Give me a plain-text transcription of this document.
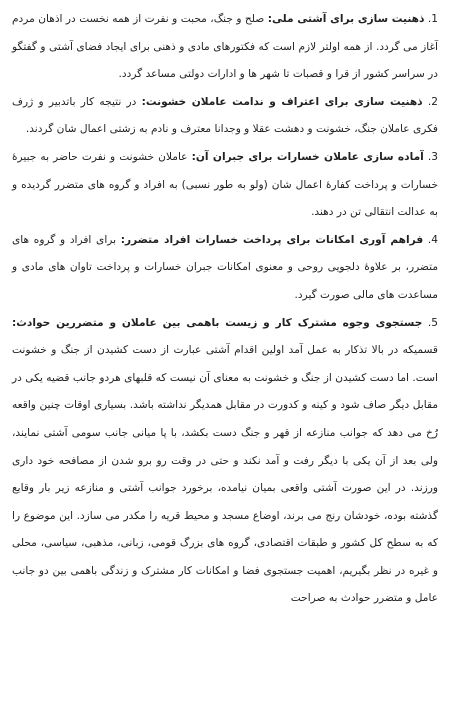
1. ذهنیت سازی برای آشتی ملی: صلح و جنگ، محبت و نفرت از همه نخست در اذهان مردم آغاز می گردد. از همه اولتر لازم است که فکتورهای مادی و ذهنی برای ایجاد فضای آشتی و گفتگو در سراسر کشور از قرا و قصبات تا شهر ها و ادارات دولتی مساعد گردد.

2. ذهنیت سازی برای اعتراف و ندامت عاملان خشونت: در نتیجه کار باتدبیر و ژرف فکری عاملان جنگ، خشونت و دهشت عقلا و وجدانا معترف و نادم به زشتی اعمال شان گردند.

3. آماده سازی عاملان خسارات برای جبران آن: عاملان خشونت و نفرت حاضر به جبیرهٔ خسارات و پرداخت کفارهٔ اعمال شان (ولو به طور نسبی) به افراد و گروه های متضرر گردیده و به عدالت انتقالی تن در دهند.

4. فراهم آوری امکانات برای پرداخت خسارات افراد متضرر: برای افراد و گروه های متضرر، بر علاوهٔ دلجویی روحی و معنوی امکانات جبران خسارات و پرداخت تاوان های مادی و مساعدت های مالی صورت گیرد.

5. جستجوی وجوه مشترک کار و زیست باهمی بین عاملان و متضررین حوادث: قسمیکه در بالا تذکار به عمل آمد اولین اقدام آشتی عبارت از دست کشیدن از جنگ و خشونت است. اما دست کشیدن از جنگ و خشونت به معنای آن نیست که قلبهای هردو جانب قضیه یکی در مقابل دیگر صاف شود و کینه و کدورت در مقابل همدیگر نداشته باشد. بسیاری اوقات چنین واقعه رُخ می دهد که جوانب منازعه از قهر و جنگ دست بکشد، با پا میانی جانب سومی آشتی نمایند، ولی بعد از آن یکی با دیگر رفت و آمد نکند و حتی در وقت رو برو شدن از مصافحه خود داری ورزند. در این صورت آشتی واقعی بمیان نیامده، برخورد جوانب آشتی و منازعه زیر بار وقایع گذشته بوده، خودشان رنج می برند، اوضاع مسجد و محیط قریه را مکدر می سازد. این موضوع را که به سطح کل کشور و طبقات اقتصادی، گروه های بزرگ قومی، زبانی، مذهبی، سیاسی، محلی و غیره در نظر بگیریم، اهمیت جستجوی فضا و امکانات کار مشترک و زندگی باهمی بین دو جانب عامل و متضرر حوادث به صراحت
